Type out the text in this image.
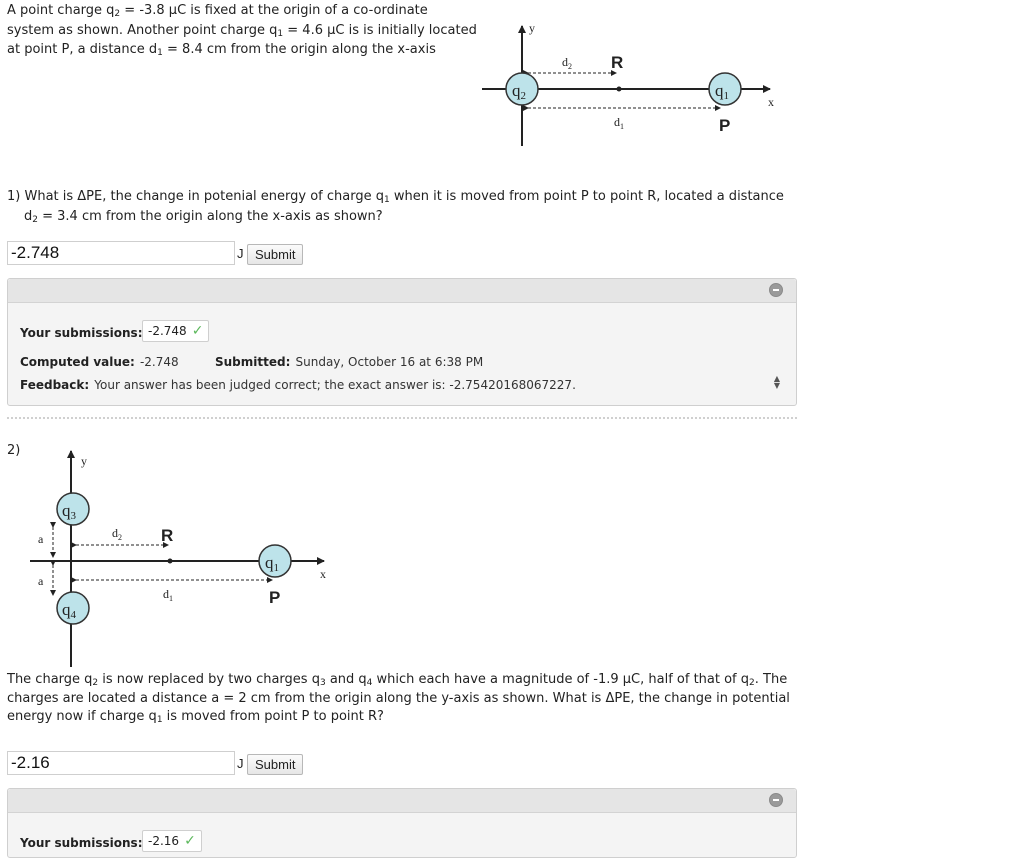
A point charge $q_2 = -3.8$ μC is fixed at the origin of a co-ordinate
system as shown. Another point charge $q_1 = 4.6$ μC is is initially located
at point P, a distance $d_1 = 8.4$ cm from the origin along the x-axis
y
x
$d_2$
$d_1$
R
P
q2	q1
1) What is ΔPE, the change in potenial energy of charge $q_1$ when it is moved from point P to point R, located a distance
$d_2 = 3.4$ cm from the origin along the x-axis as shown?
-2.748
J Submit
Your submissions: -2.748 ✓
Computed value: -2.748	Submitted: Sunday, October 16 at 6:38 PM
Feedback: Your answer has been judged correct; the exact answer is: -2.75420168067227.	▲
▼
2)
y
x
a
a
$d_2$
$d_1$
R
P
q3
q4
q1
The charge $q_2$ is now replaced by two charges $q_3$ and $q_4$ which each have a magnitude of -1.9 μC, half of that of $q_2$. The
charges are located a distance a = 2 cm from the origin along the y-axis as shown. What is ΔPE, the change in potential
energy now if charge $q_1$ is moved from point P to point R?
-2.16
J Submit
Your submissions: -2.16 ✓
